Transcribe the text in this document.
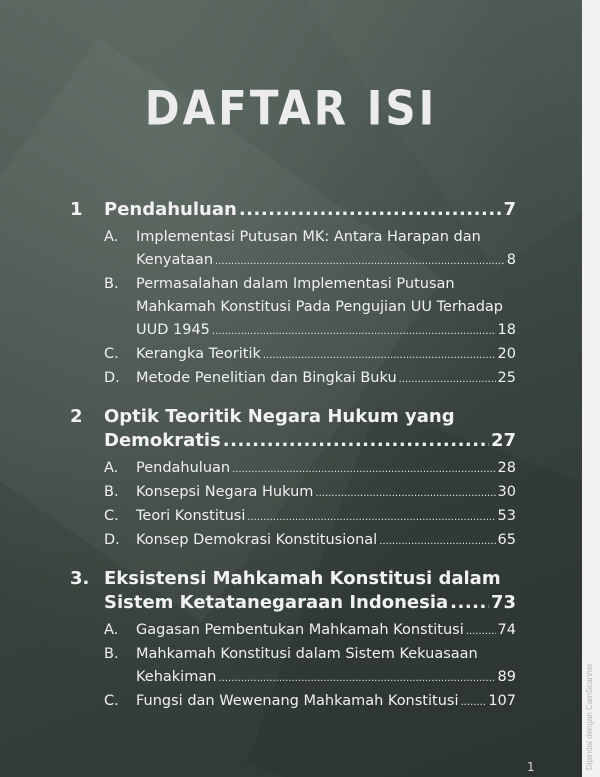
DAFTAR ISI
1	Pendahuluan .....	7
A.	Implementasi Putusan MK: Antara Harapan dan
Kenyataan .....	8
B.	Permasalahan dalam Implementasi Putusan
Mahkamah Konstitusi Pada Pengujian UU Terhadap
UUD 1945 .....	18
C.	Kerangka Teoritik .....	20
D.	Metode Penelitian dan Bingkai Buku .....	25
2	Optik Teoritik Negara Hukum yang
Demokratis .....	27
A.	Pendahuluan .....	28
B.	Konsepsi Negara Hukum .....	30
C.	Teori Konstitusi .....	53
D.	Konsep Demokrasi Konstitusional .....	65
3. Eksistensi Mahkamah Konstitusi dalam
Sistem Ketatanegaraan Indonesia ..... 73
A.	Gagasan Pembentukan Mahkamah Konstitusi ..... 74
B.	Mahkamah Konstitusi dalam Sistem Kekuasaan
Kehakiman .....	89
C.	Fungsi dan Wewenang Mahkamah Konstitusi ..... 107
1	Dipindai dengan CamScanner
